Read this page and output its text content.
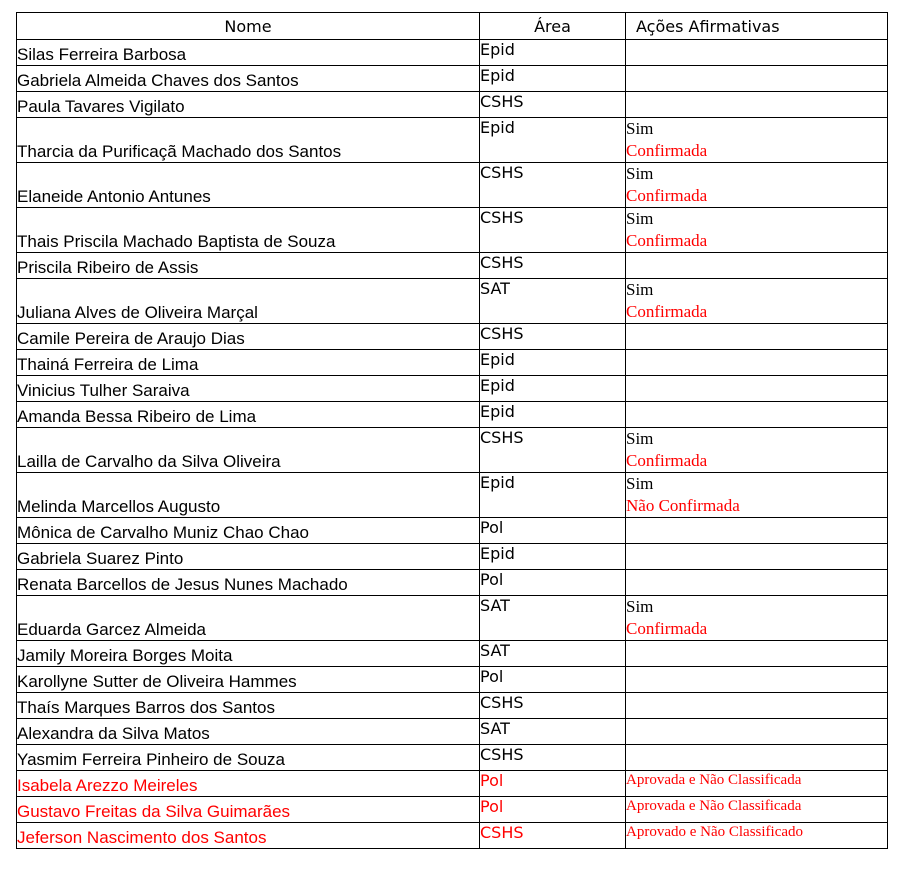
Nome	Área	Ações Afirmativas
Silas Ferreira Barbosa	Epid	
Gabriela Almeida Chaves dos Santos	Epid	
Paula Tavares Vigilato	CSHS	
Tharcia da Purificaçã Machado dos Santos	Epid	Sim
Confirmada

Elaneide Antonio Antunes	CSHS	Sim
Confirmada

Thais Priscila Machado Baptista de Souza	CSHS	Sim
Confirmada

Priscila Ribeiro de Assis	CSHS	
Juliana Alves de Oliveira Marçal	SAT	Sim
Confirmada

Camile Pereira de Araujo Dias	CSHS	
Thainá Ferreira de Lima	Epid	
Vinicius Tulher Saraiva	Epid	
Amanda Bessa Ribeiro de Lima	Epid	
Lailla de Carvalho da Silva Oliveira	CSHS	Sim
Confirmada

Melinda Marcellos Augusto	Epid	Sim
Não Confirmada

Mônica de Carvalho Muniz Chao Chao	Pol	
Gabriela Suarez Pinto	Epid	
Renata Barcellos de Jesus Nunes Machado	Pol	
Eduarda Garcez Almeida	SAT	Sim
Confirmada

Jamily Moreira Borges Moita	SAT	
Karollyne Sutter de Oliveira Hammes	Pol	
Thaís Marques Barros dos Santos	CSHS	
Alexandra da Silva Matos	SAT	
Yasmim Ferreira Pinheiro de Souza	CSHS	
Isabela Arezzo Meireles	Pol	Aprovada e Não Classificada

Gustavo Freitas da Silva Guimarães	Pol	Aprovada e Não Classificada

Jeferson Nascimento dos Santos	CSHS	Aprovado e Não Classificado
